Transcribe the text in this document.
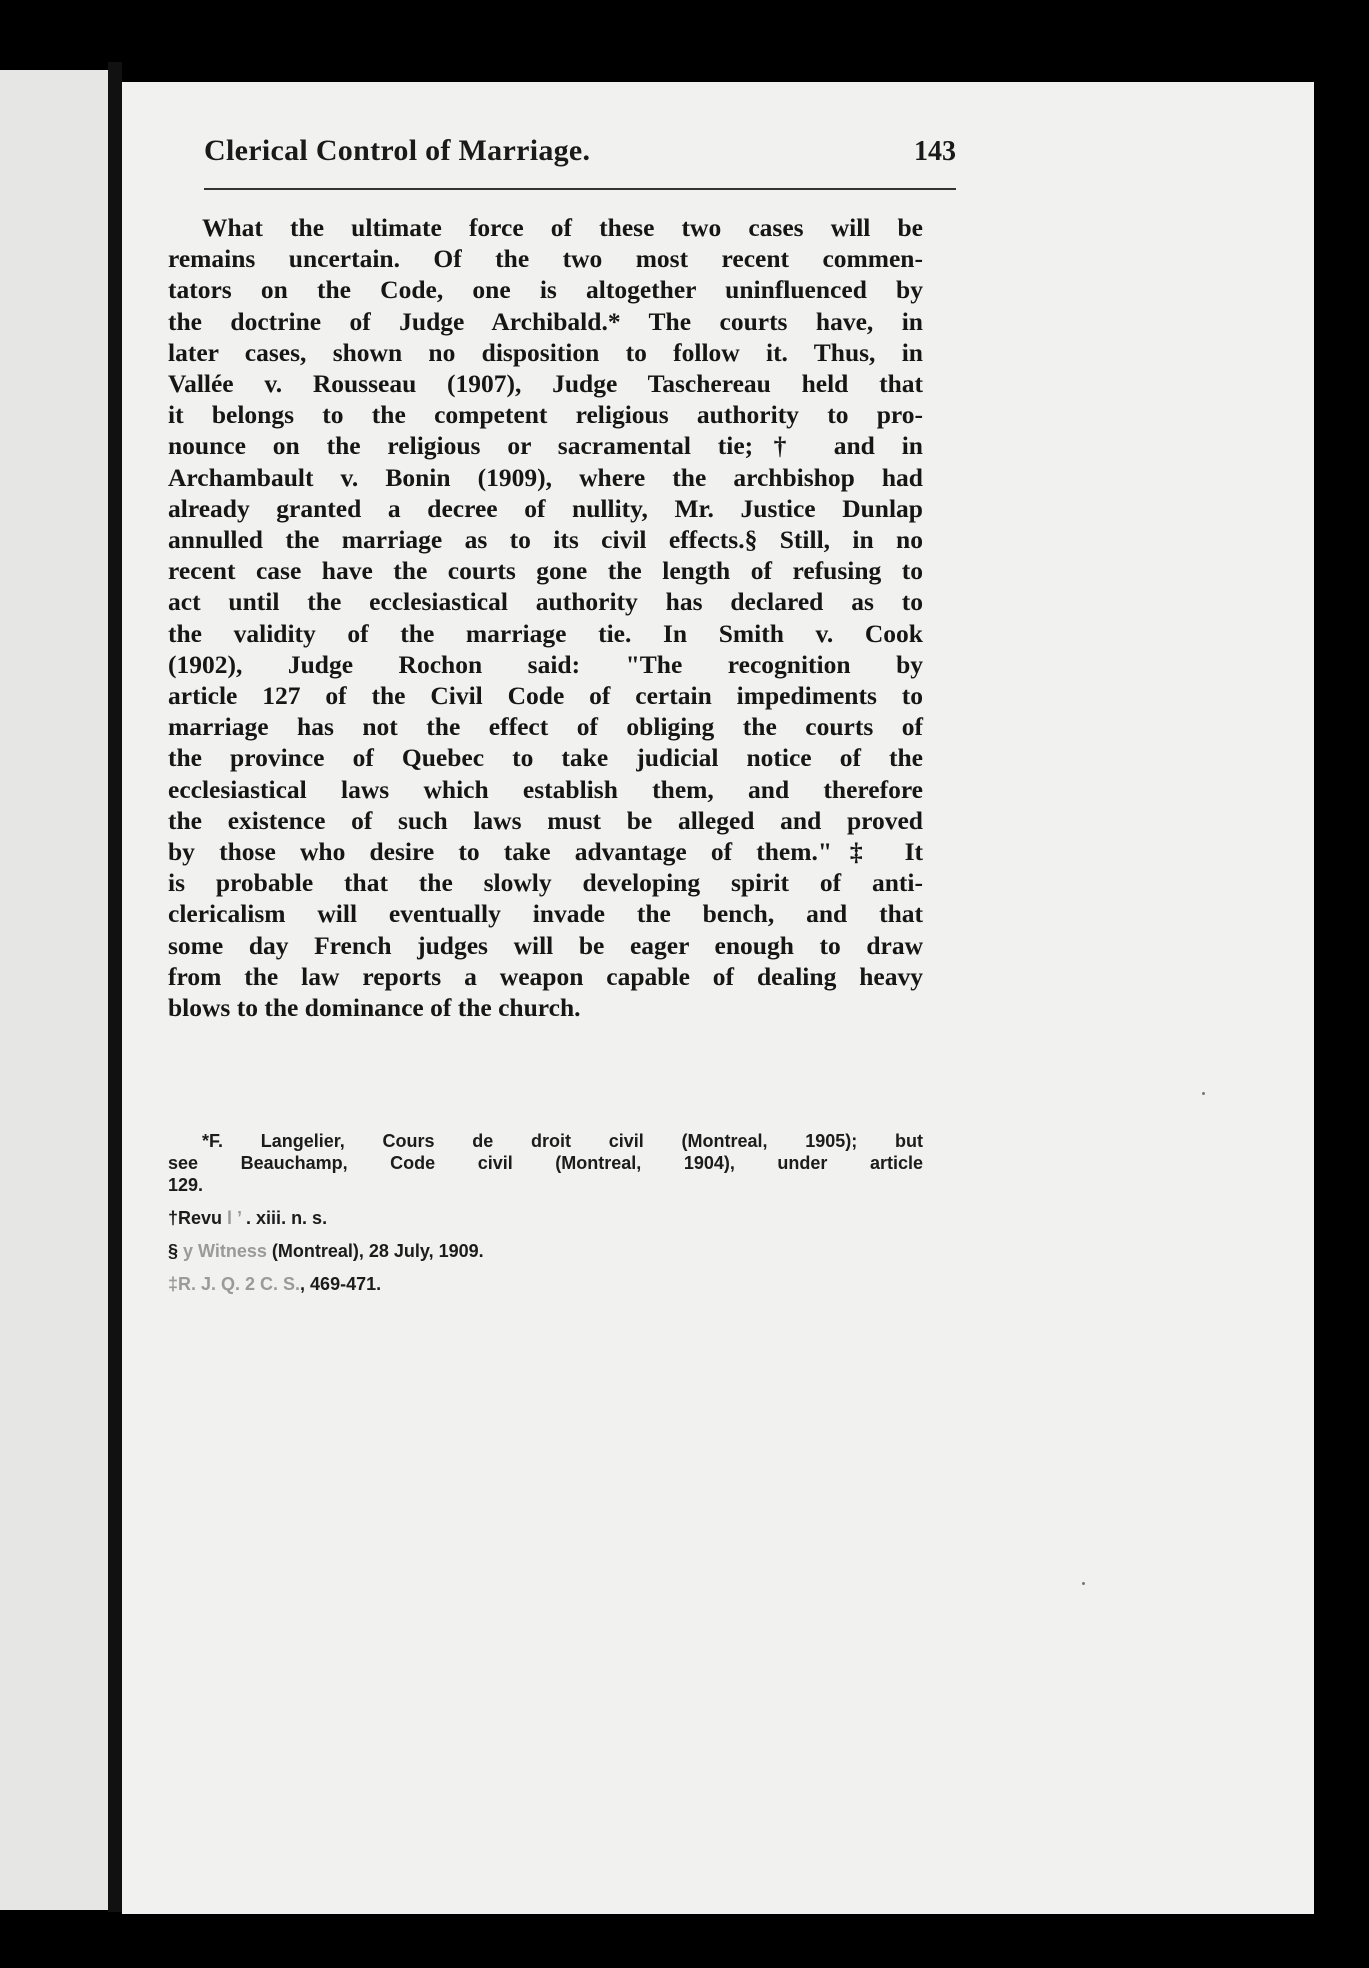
Clerical Control of Marriage.	143
What the ultimate force of these two cases will be
remains uncertain. Of the two most recent commen-
tators on the Code, one is altogether uninfluenced by
the doctrine of Judge Archibald.* The courts have, in
later cases, shown no disposition to follow it. Thus, in
Vallée v. Rousseau (1907), Judge Taschereau held that
it belongs to the competent religious authority to pro-
nounce on the religious or sacramental tie;† and in
Archambault v. Bonin (1909), where the archbishop had
already granted a decree of nullity, Mr. Justice Dunlap
annulled the marriage as to its civil effects.§ Still, in no
recent case have the courts gone the length of refusing to
act until the ecclesiastical authority has declared as to
the validity of the marriage tie. In Smith v. Cook
(1902), Judge Rochon said: "The recognition by
article 127 of the Civil Code of certain impediments to
marriage has not the effect of obliging the courts of
the province of Quebec to take judicial notice of the
ecclesiastical laws which establish them, and therefore
the existence of such laws must be alleged and proved
by those who desire to take advantage of them."‡ It
is probable that the slowly developing spirit of anti-
clericalism will eventually invade the bench, and that
some day French judges will be eager enough to draw
from the law reports a weapon capable of dealing heavy
blows to the dominance of the church.
*F. Langelier, Cours de droit civil (Montreal, 1905); but
see Beauchamp, Code civil (Montreal, 1904), under article
129.
†Revu l ’ . xiii. n. s.
§ y Witness (Montreal), 28 July, 1909.
‡R. J. Q. 2 C. S., 469-471.
